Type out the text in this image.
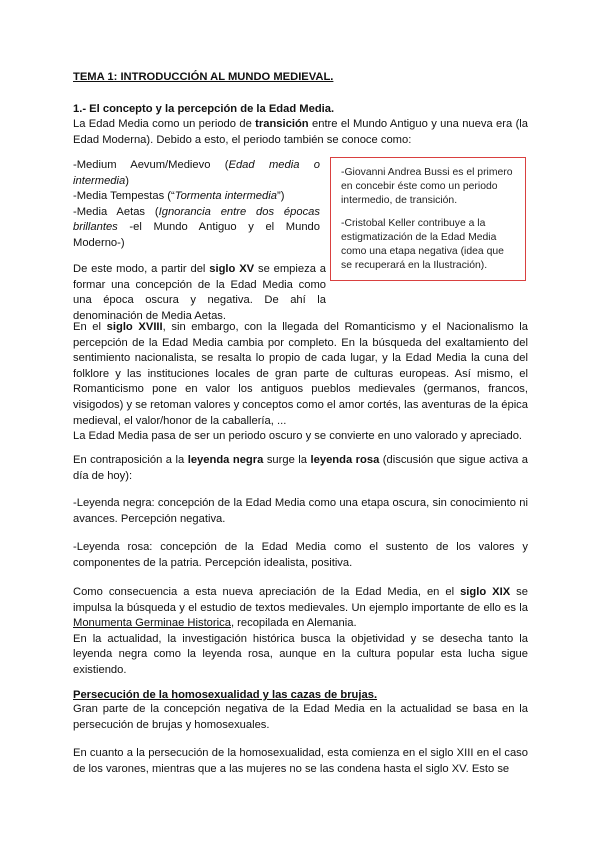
TEMA 1: INTRODUCCIÓN AL MUNDO MEDIEVAL.

1.- El concepto y la percepción de la Edad Media.

La Edad Media como un periodo de transición entre el Mundo Antiguo y una nueva era (la Edad Moderna). Debido a esto, el periodo también se conoce como:

-Medium Aevum/Medievo (Edad media o intermedia)

-Media Tempestas (“Tormenta intermedia”)

-Media Aetas (Ignorancia entre dos épocas brillantes -el Mundo Antiguo y el Mundo Moderno-)

-Giovanni Andrea Bussi es el primero en concebir éste como un periodo intermedio, de transición.

-Cristobal Keller contribuye a la estigmatización de la Edad Media como una etapa negativa (idea que se recuperará en la Ilustración).

De este modo, a partir del siglo XV se empieza a formar una concepción de la Edad Media como una época oscura y negativa. De ahí la denominación de Media Aetas.

En el siglo XVIII, sin embargo, con la llegada del Romanticismo y el Nacionalismo la percepción de la Edad Media cambia por completo. En la búsqueda del exaltamiento del sentimiento nacionalista, se resalta lo propio de cada lugar, y la Edad Media la cuna del folklore y las instituciones locales de gran parte de culturas europeas. Así mismo, el Romanticismo pone en valor los antiguos pueblos medievales (germanos, francos, visigodos) y se retoman valores y conceptos como el amor cortés, las aventuras de la épica medieval, el valor/honor de la caballería, ...
La Edad Media pasa de ser un periodo oscuro y se convierte en uno valorado y apreciado.

En contraposición a la leyenda negra surge la leyenda rosa (discusión que sigue activa a día de hoy):

-Leyenda negra: concepción de la Edad Media como una etapa oscura, sin conocimiento ni avances. Percepción negativa.

-Leyenda rosa: concepción de la Edad Media como el sustento de los valores y componentes de la patria. Percepción idealista, positiva.

Como consecuencia a esta nueva apreciación de la Edad Media, en el siglo XIX se impulsa la búsqueda y el estudio de textos medievales. Un ejemplo importante de ello es la Monumenta Germinae Historica, recopilada en Alemania.
En la actualidad, la investigación histórica busca la objetividad y se desecha tanto la leyenda negra como la leyenda rosa, aunque en la cultura popular esta lucha sigue existiendo.

Persecución de la homosexualidad y las cazas de brujas.

Gran parte de la concepción negativa de la Edad Media en la actualidad se basa en la persecución de brujas y homosexuales.

En cuanto a la persecución de la homosexualidad, esta comienza en el siglo XIII en el caso de los varones, mientras que a las mujeres no se las condena hasta el siglo XV. Esto se
